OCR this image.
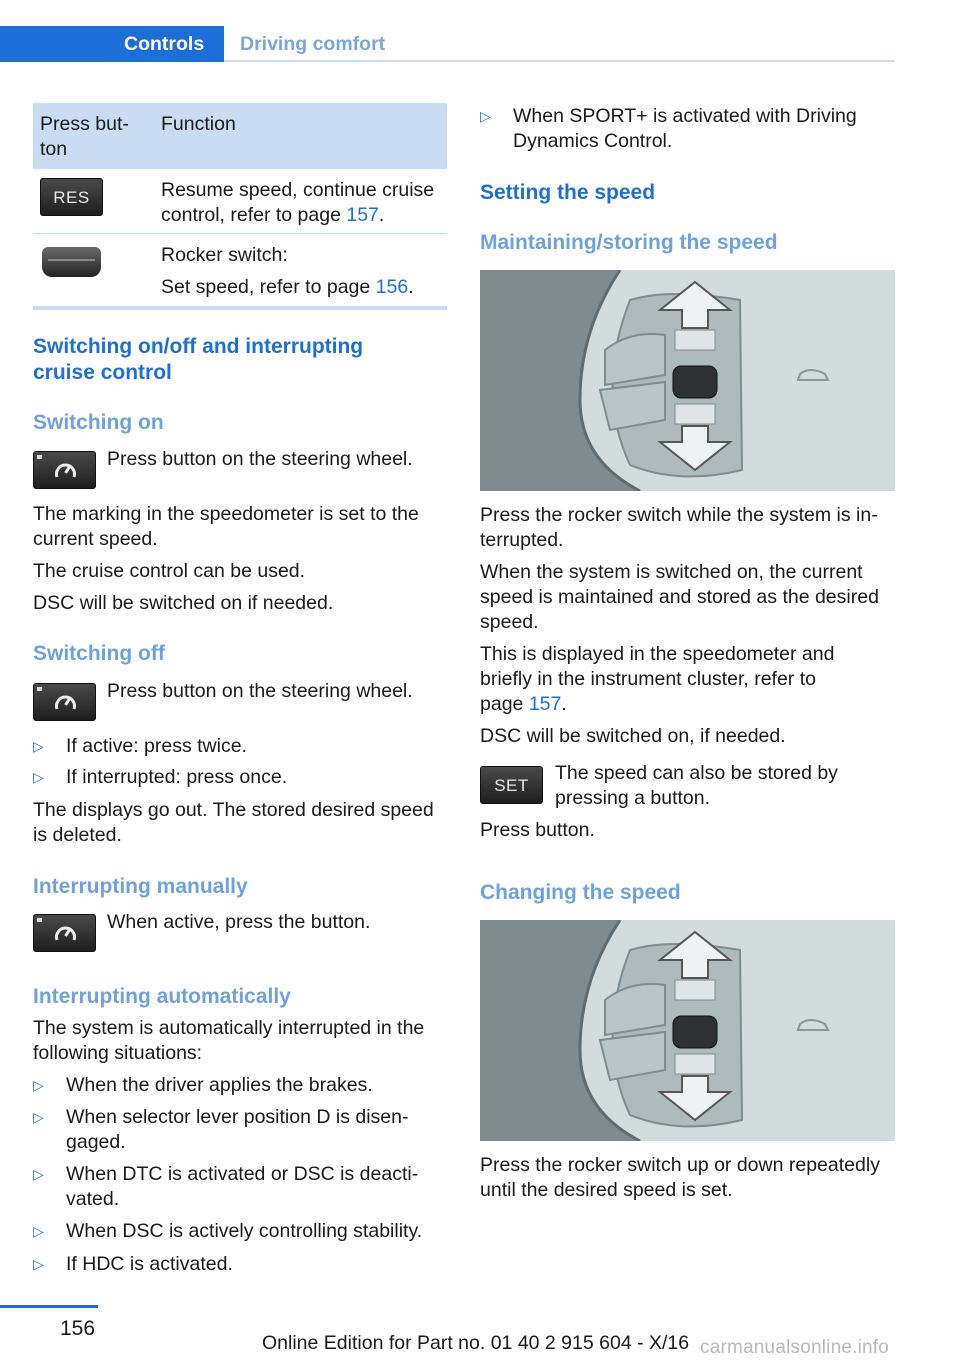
Controls	Driving comfort
Press but-
ton
Function
RES	Resume speed, continue cruise
control, refer to page 157.
Rocker switch:
Set speed, refer to page 156.
Switching on/off and interrupting
cruise control
Switching on
Press button on the steering wheel.
The marking in the speedometer is set to the
current speed.
The cruise control can be used.
DSC will be switched on if needed.
Switching off
Press button on the steering wheel.
▷ If active: press twice.
▷ If interrupted: press once.
The displays go out. The stored desired speed
is deleted.
Interrupting manually
When active, press the button.
Interrupting automatically
The system is automatically interrupted in the
following situations:
▷ When the driver applies the brakes.
▷ When selector lever position D is disen-
gaged.
▷ When DTC is activated or DSC is deacti-
vated.
▷ When DSC is actively controlling stability.
▷ If HDC is activated.
▷ When SPORT+ is activated with Driving
Dynamics Control.
Setting the speed
Maintaining/storing the speed
Press the rocker switch while the system is in-
terrupted.
When the system is switched on, the current
speed is maintained and stored as the desired
speed.
This is displayed in the speedometer and
briefly in the instrument cluster, refer to
page 157.
DSC will be switched on, if needed.
SET
The speed can also be stored by
pressing a button.
Press button.
Changing the speed
Press the rocker switch up or down repeatedly
until the desired speed is set.
156
Online Edition for Part no. 01 40 2 915 604 - X/16 carmanualsonline.info
